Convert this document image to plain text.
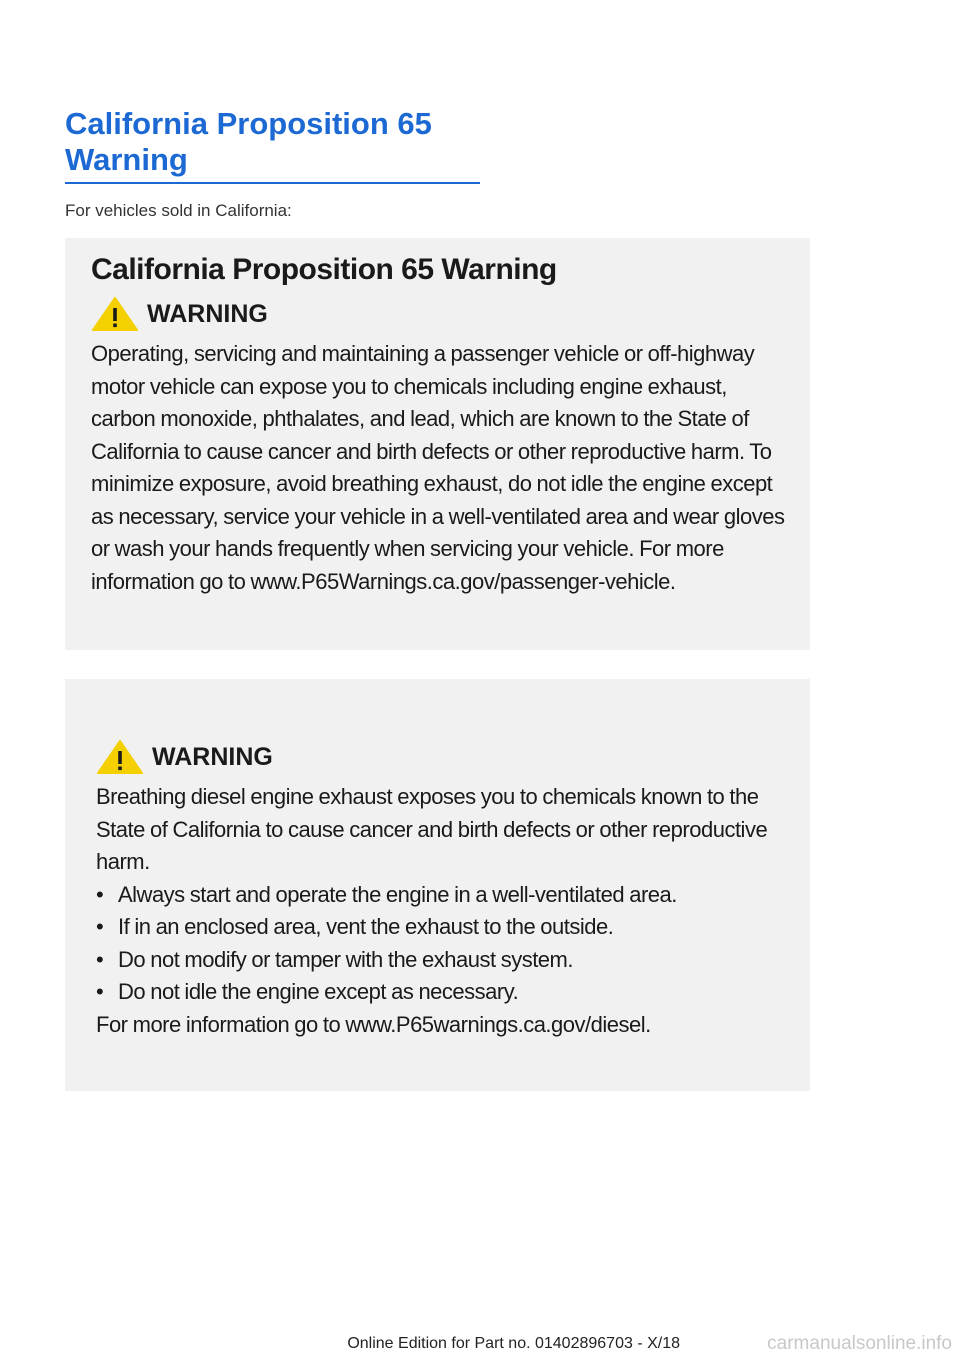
California Proposition 65 Warning

For vehicles sold in California:

California Proposition 65 Warning
WARNING

Operating, servicing and maintaining a passenger vehicle or off-highway motor vehicle can expose you to chemicals including engine exhaust, carbon monoxide, phthalates, and lead, which are known to the State of California to cause cancer and birth defects or other reproductive harm. To minimize exposure, avoid breathing exhaust, do not idle the engine except as necessary, service your vehicle in a well-ventilated area and wear gloves or wash your hands frequently when servicing your vehicle. For more information go to www.P65Warnings.ca.gov/passenger-vehicle.

WARNING

Breathing diesel engine exhaust exposes you to chemicals known to the State of California to cause cancer and birth defects or other reproductive harm.

• Always start and operate the engine in a well-ventilated area.
• If in an enclosed area, vent the exhaust to the outside.
• Do not modify or tamper with the exhaust system.
• Do not idle the engine except as necessary.

For more information go to www.P65warnings.ca.gov/diesel.

Online Edition for Part no. 01402896703 - X/18	carmanualsonline.info
